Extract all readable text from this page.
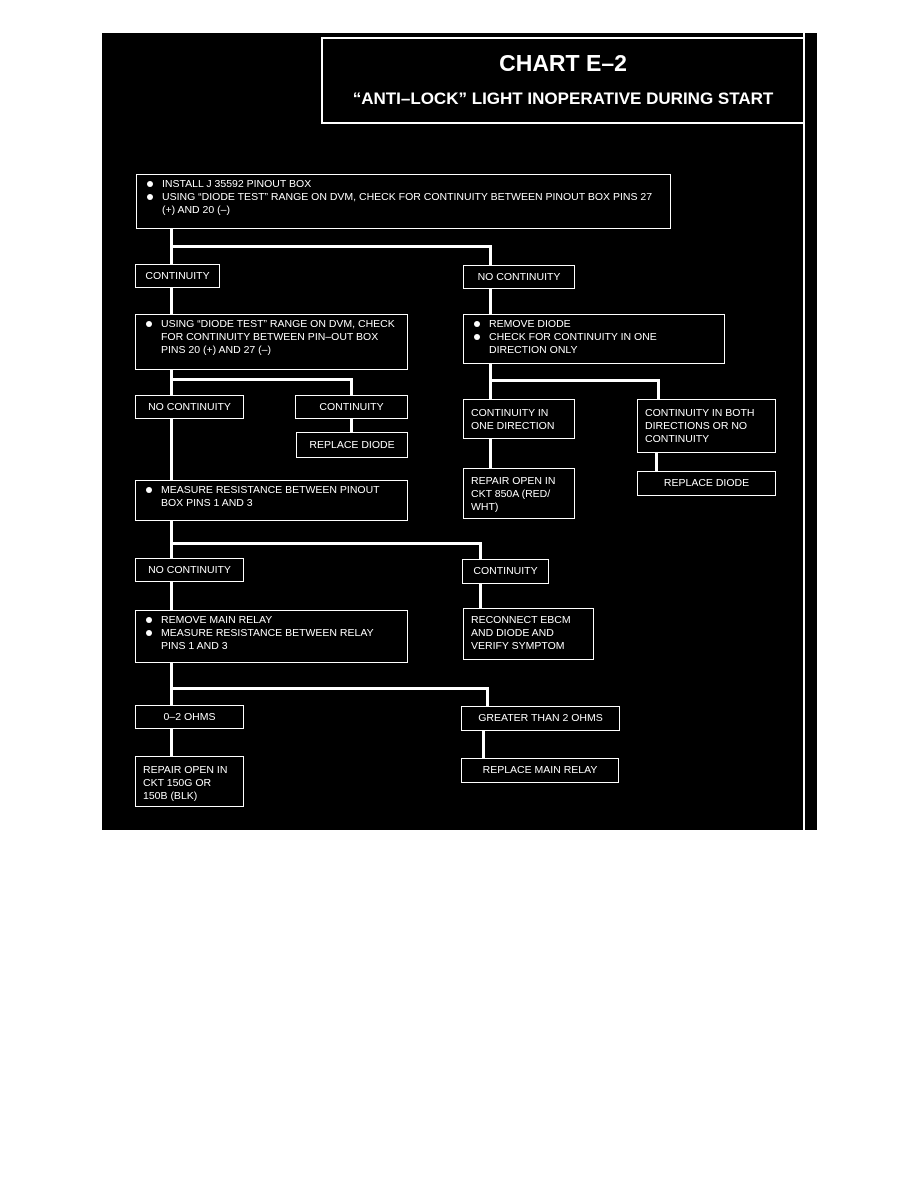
CHART E–2
“ANTI–LOCK” LIGHT INOPERATIVE DURING START
INSTALL J 35592 PINOUT BOX
USING “DIODE TEST” RANGE ON DVM, CHECK FOR CONTINUITY BETWEEN PINOUT BOX PINS 27 (+) AND 20 (–)
CONTINUITY	NO CONTINUITY
USING “DIODE TEST” RANGE ON DVM, CHECK FOR CONTINUITY BETWEEN PIN–OUT BOX PINS 20 (+) AND 27 (–)
REMOVE DIODE
CHECK FOR CONTINUITY IN ONE DIRECTION ONLY
NO CONTINUITY	CONTINUITY
REPLACE DIODE
CONTINUITY IN ONE DIRECTION
CONTINUITY IN BOTH DIRECTIONS OR NO CONTINUITY
REPAIR OPEN IN CKT 850A (RED/ WHT)
REPLACE DIODE
MEASURE RESISTANCE BETWEEN PINOUT BOX PINS 1 AND 3
NO CONTINUITY	CONTINUITY
REMOVE MAIN RELAY
MEASURE RESISTANCE BETWEEN RELAY PINS 1 AND 3
RECONNECT EBCM AND DIODE AND VERIFY SYMPTOM
0–2 OHMS	GREATER THAN 2 OHMS
REPAIR OPEN IN CKT 150G OR 150B (BLK)
REPLACE MAIN RELAY
